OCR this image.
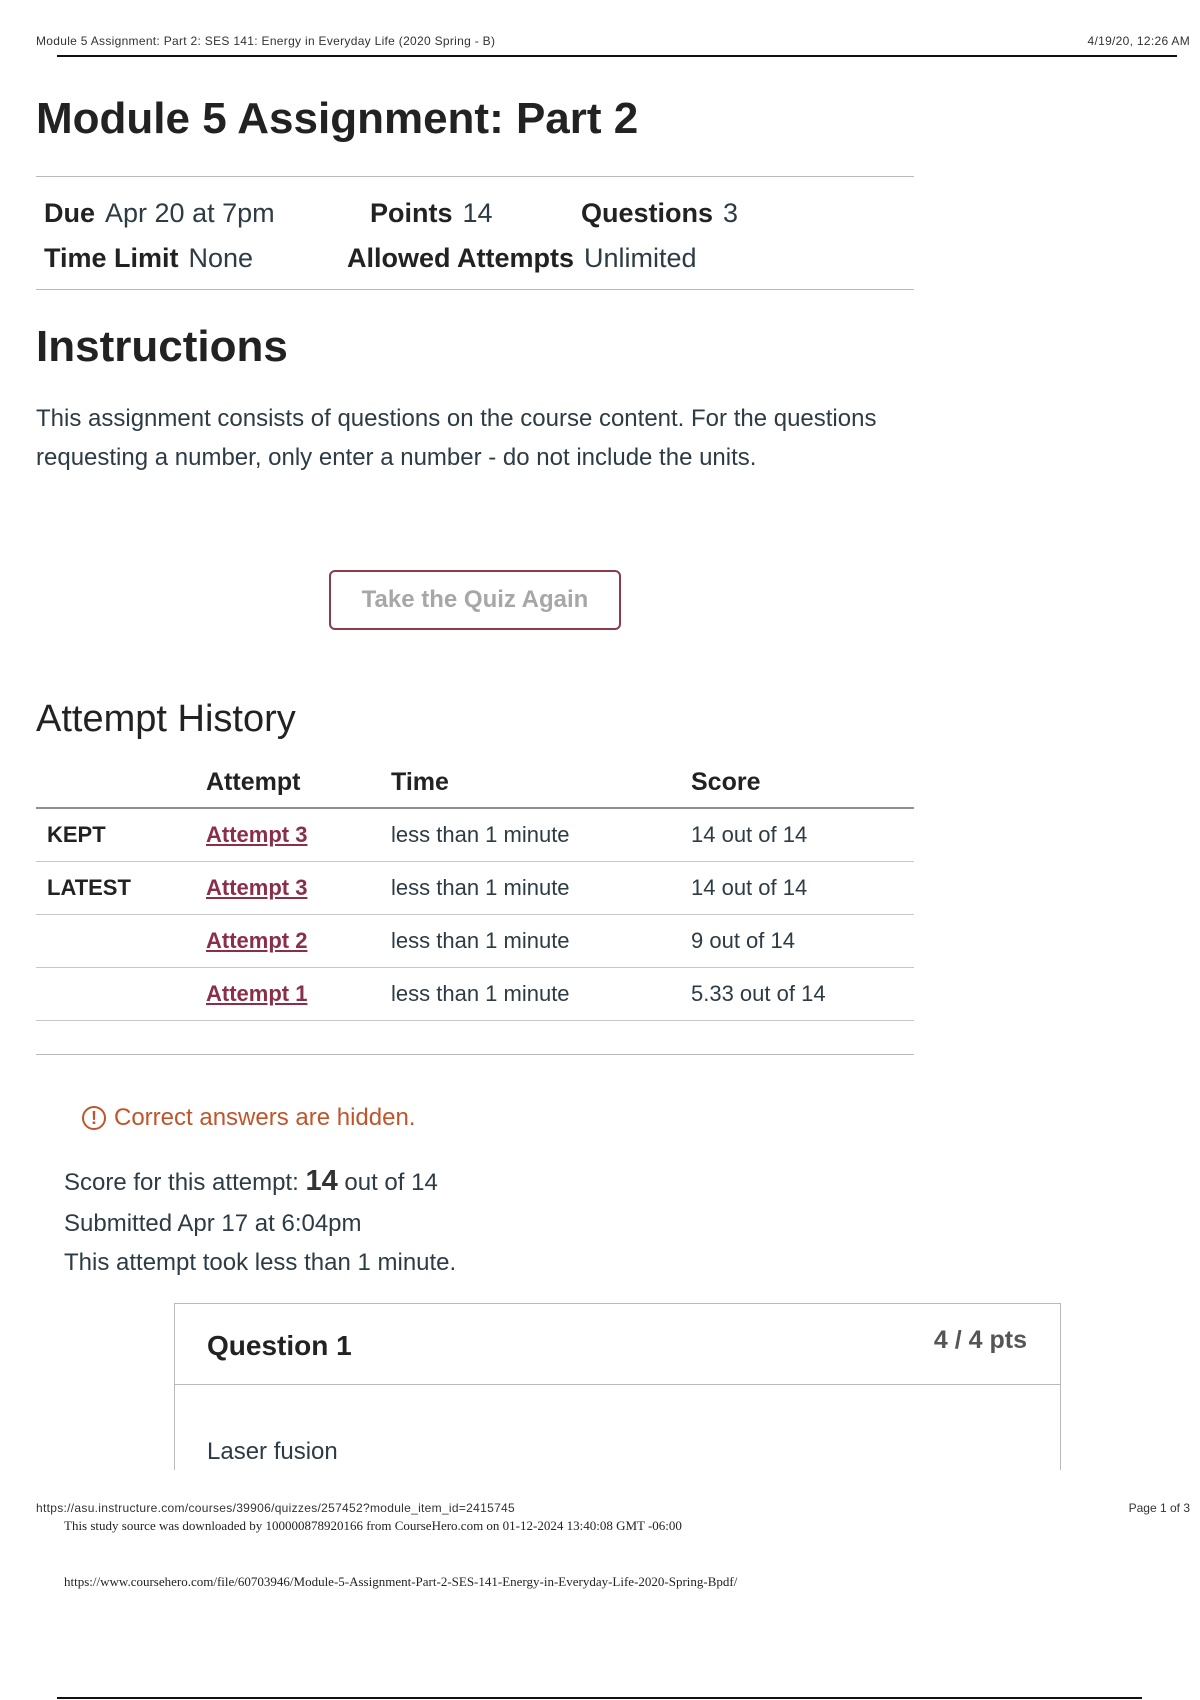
Module 5 Assignment: Part 2: SES 141: Energy in Everyday Life (2020 Spring - B)	4/19/20, 12:26 AM
Module 5 Assignment: Part 2
Due Apr 20 at 7pm	Points 14	Questions 3
Time Limit None	Allowed Attempts Unlimited
Instructions

This assignment consists of questions on the course content. For the questions requesting a number, only enter a number - do not include the units.

Take the Quiz Again
Attempt History
	Attempt	Time	Score
KEPT	Attempt 3	less than 1 minute	14 out of 14
LATEST	Attempt 3	less than 1 minute	14 out of 14
	Attempt 2	less than 1 minute	9 out of 14
	Attempt 1	less than 1 minute	5.33 out of 14
! Correct answers are hidden.
Score for this attempt: 14 out of 14
Submitted Apr 17 at 6:04pm
This attempt took less than 1 minute.
Question 1	4 / 4 pts
Laser fusion
https://asu.instructure.com/courses/39906/quizzes/257452?module_item_id=2415745	Page 1 of 3
This study source was downloaded by 100000878920166 from CourseHero.com on 01-12-2024 13:40:08 GMT -06:00
https://www.coursehero.com/file/60703946/Module-5-Assignment-Part-2-SES-141-Energy-in-Everyday-Life-2020-Spring-Bpdf/
